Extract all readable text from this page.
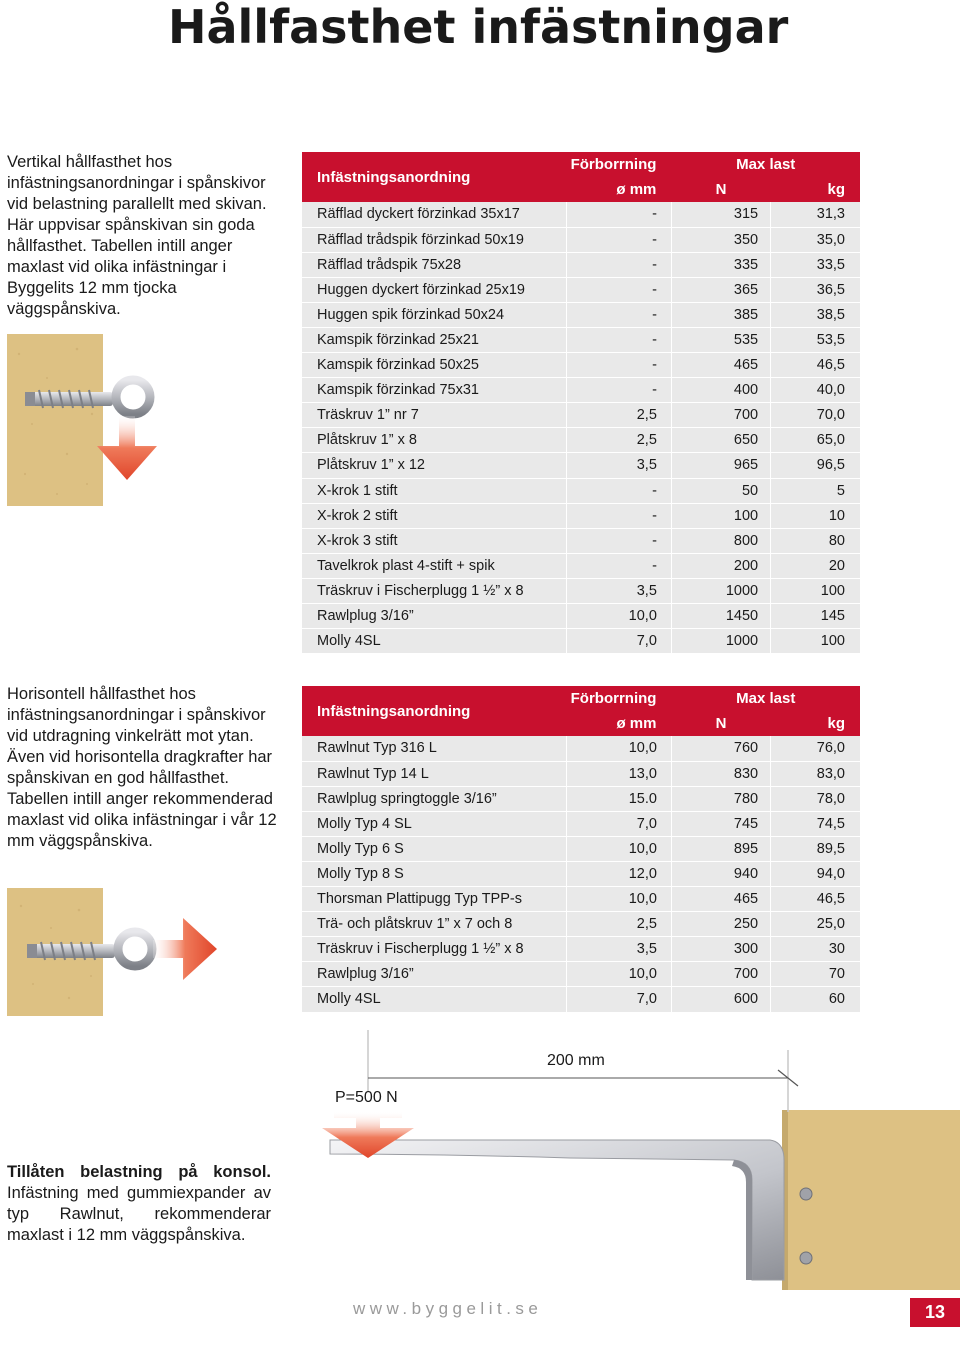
Hållfasthet infästningar
Vertikal hållfasthet hos infästningsanordningar i spånskivor vid belastning parallellt med skivan. Här uppvisar spånskivan sin goda hållfasthet. Tabellen intill anger maxlast vid olika infästningar i Byggelits 12 mm tjocka väggspånskiva.
Infästningsanordning	Förborrning	Max last	
	ø mm	N	kg
Räfflad dyckert förzinkad 35x17	-	315	31,3
Räfflad trådspik förzinkad 50x19	-	350	35,0
Räfflad trådspik 75x28	-	335	33,5
Huggen dyckert förzinkad 25x19	-	365	36,5
Huggen spik förzinkad 50x24	-	385	38,5
Kamspik förzinkad 25x21	-	535	53,5
Kamspik förzinkad 50x25	-	465	46,5
Kamspik förzinkad 75x31	-	400	40,0
Träskruv 1” nr 7	2,5	700	70,0
Plåtskruv 1” x 8	2,5	650	65,0
Plåtskruv 1” x 12	3,5	965	96,5
X-krok 1 stift	-	50	5
X-krok 2 stift	-	100	10
X-krok 3 stift	-	800	80
Tavelkrok plast 4-stift + spik	-	200	20
Träskruv i Fischerplugg 1 ½” x 8	3,5	1000	100
Rawlplug 3/16”	10,0	1450	145
Molly 4SL	7,0	1000	100
Horisontell hållfasthet hos infästningsanordningar i spånskivor vid utdragning vinkelrätt mot ytan. Även vid horisontella dragkrafter har spånskivan en god hållfasthet. Tabellen intill anger rekommenderad maxlast vid olika infästningar i vår 12 mm väggspånskiva.
Infästningsanordning	Förborrning	Max last	
	ø mm	N	kg
Rawlnut Typ 316 L	10,0	760	76,0
Rawlnut Typ 14 L	13,0	830	83,0
Rawlplug springtoggle 3/16”	15.0	780	78,0
Molly Typ 4 SL	7,0	745	74,5
Molly Typ 6 S	10,0	895	89,5
Molly Typ 8 S	12,0	940	94,0
Thorsman Plattipugg Typ TPP-s	10,0	465	46,5
Trä- och plåtskruv 1” x 7 och 8	2,5	250	25,0
Träskruv i Fischerplugg 1 ½” x 8	3,5	300	30
Rawlplug 3/16”	10,0	700	70
Molly 4SL	7,0	600	60
200 mm
P=500 N
Tillåten belastning på konsol. Infästning med gummiexpander av typ Rawlnut, rekommenderar maxlast i 12 mm väggspånskiva.
www.byggelit.se	13
